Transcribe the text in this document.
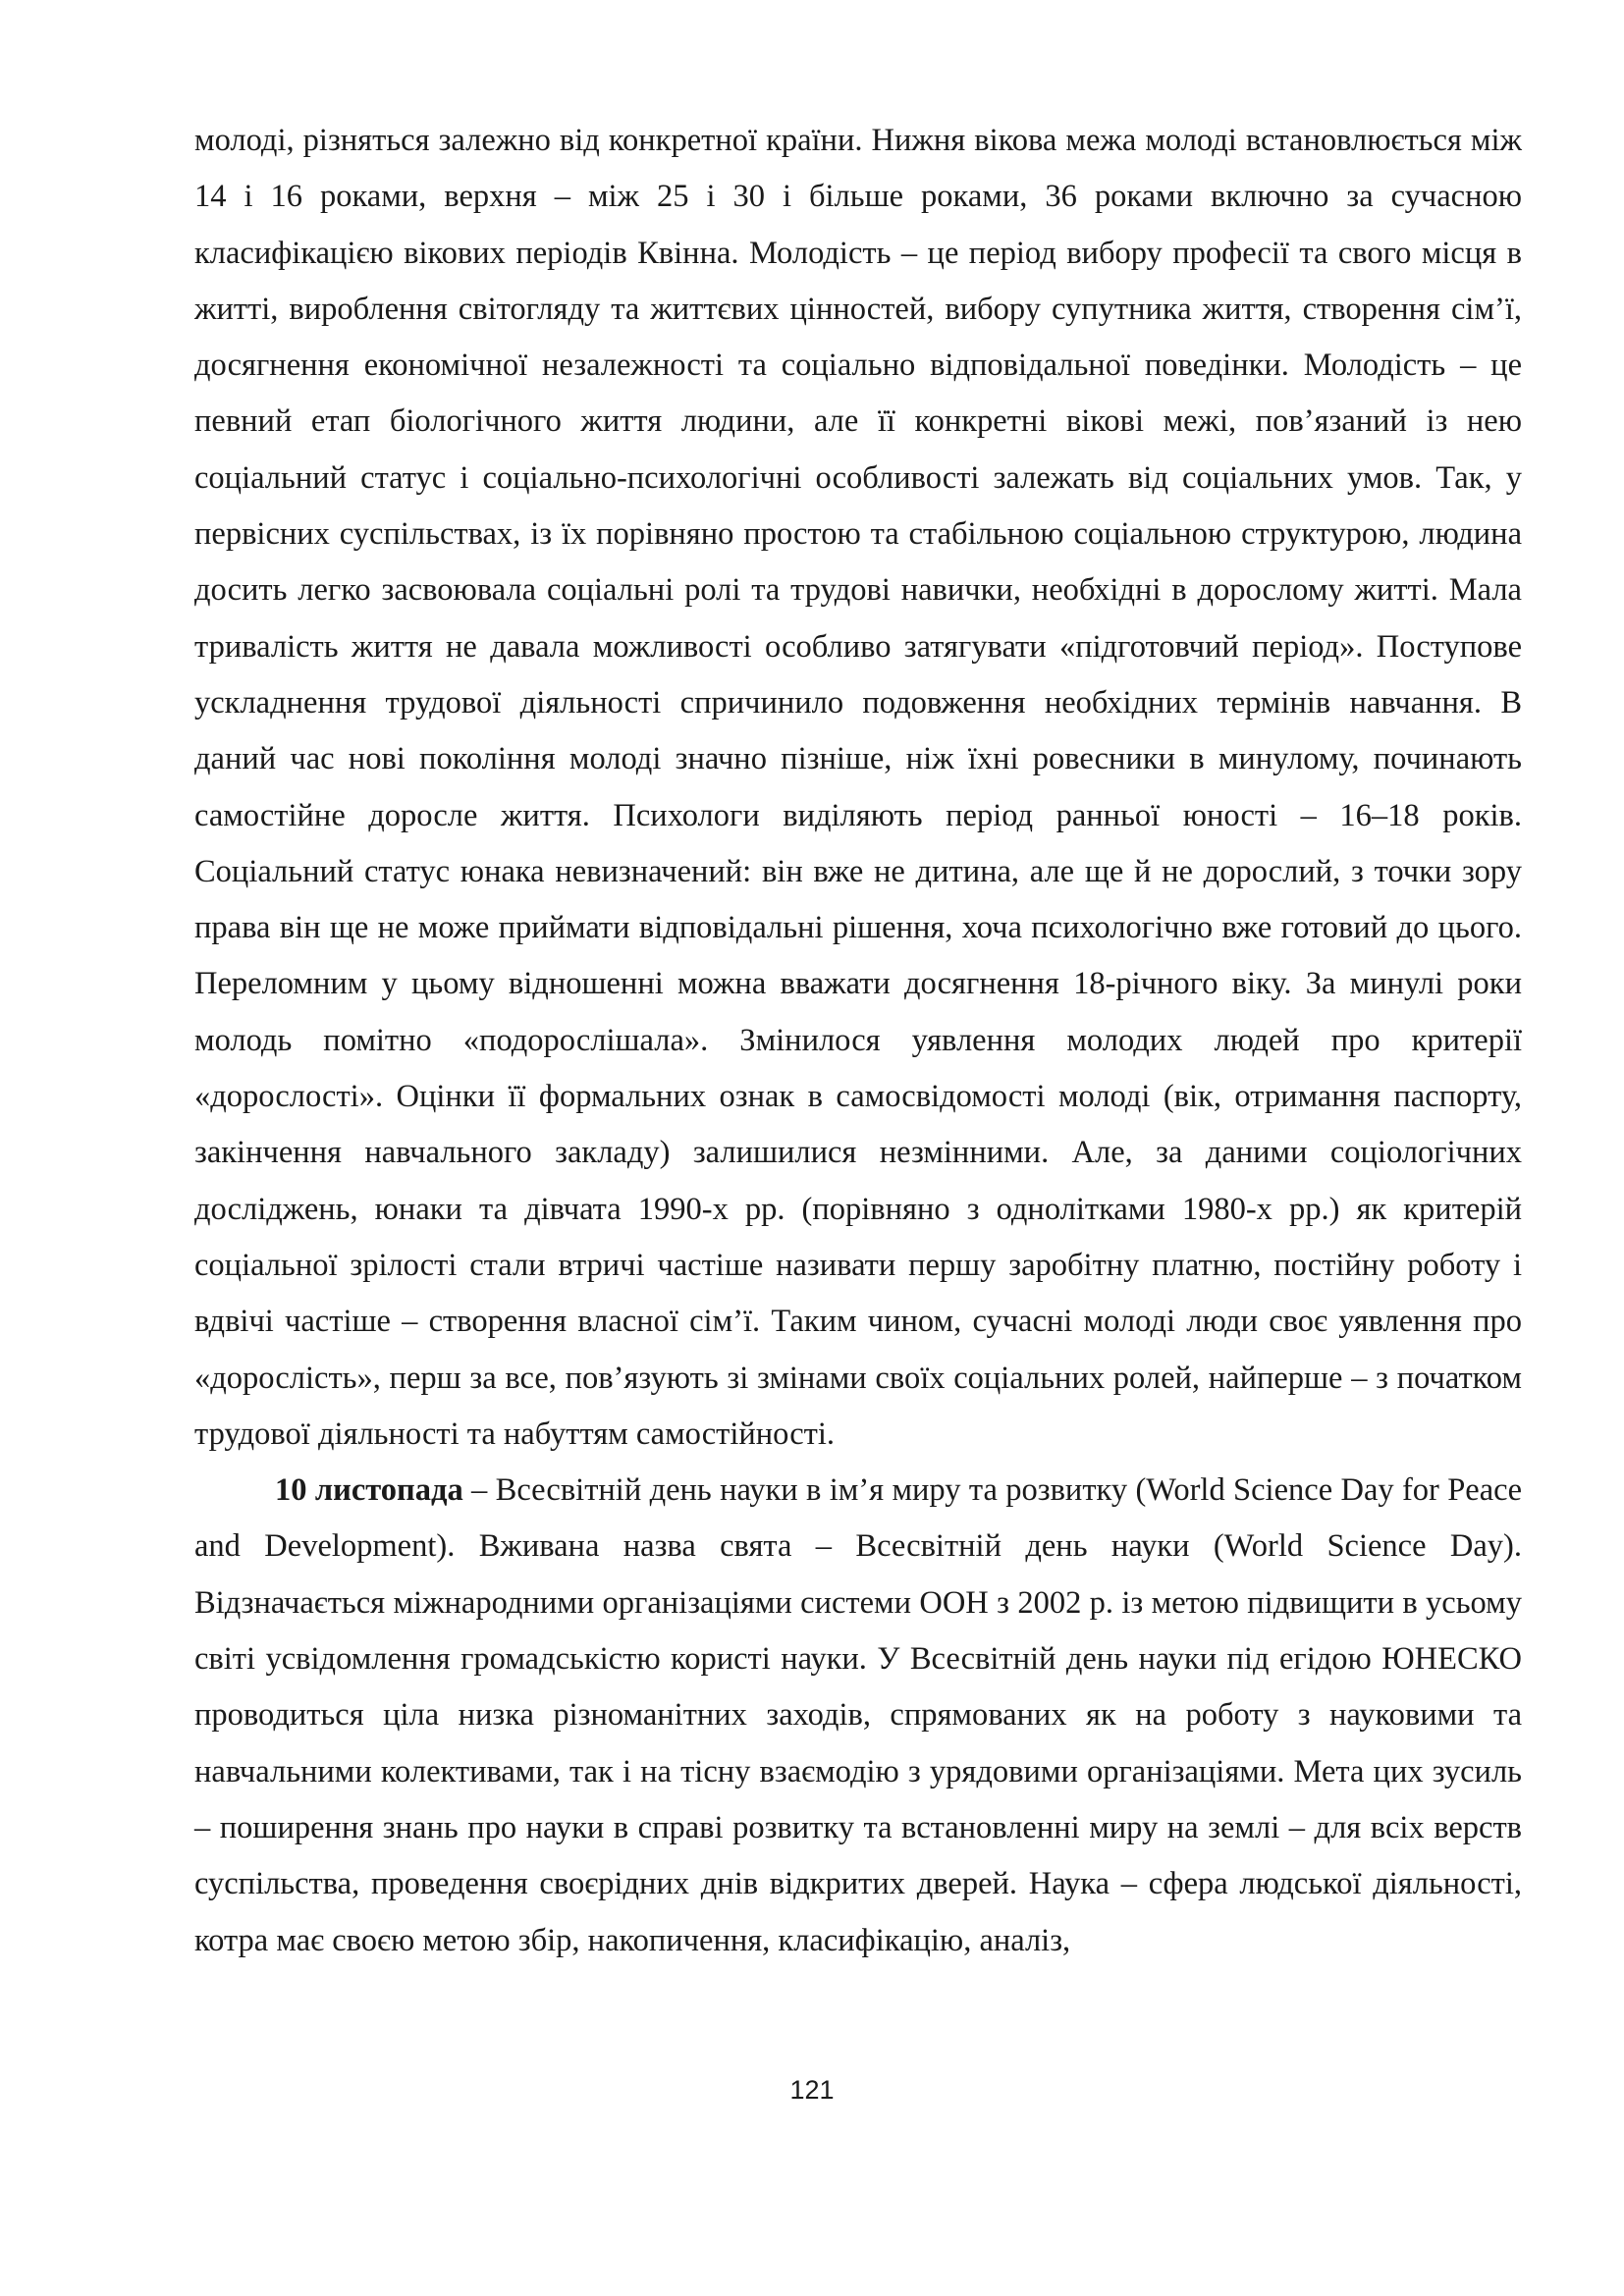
молоді, різняться залежно від конкретної країни. Нижня вікова межа молоді встановлюється між 14 і 16 роками, верхня – між 25 і 30 і більше роками, 36 роками включно за сучасною класифікацією вікових періодів Квінна. Молодість – це період вибору професії та свого місця в житті, вироблення світогляду та життєвих цінностей, вибору супутника життя, створення сім’ї, досягнення економічної незалежності та соціально відповідальної поведінки. Молодість – це певний етап біологічного життя людини, але її конкретні вікові межі, пов’язаний із нею соціальний статус і соціально-психологічні особливості залежать від соціальних умов. Так, у первісних суспільствах, із їх порівняно простою та стабільною соціальною структурою, людина досить легко засвоювала соціальні ролі та трудові навички, необхідні в дорослому житті. Мала тривалість життя не давала можливості особливо затягувати «підготовчий період». Поступове ускладнення трудової діяльності спричинило подовження необхідних термінів навчання. В даний час нові покоління молоді значно пізніше, ніж їхні ровесники в минулому, починають самостійне доросле життя. Психологи виділяють період ранньої юності – 16–18 років. Соціальний статус юнака невизначений: він вже не дитина, але ще й не дорослий, з точки зору права він ще не може приймати відповідальні рішення, хоча психологічно вже готовий до цього. Переломним у цьому відношенні можна вважати досягнення 18-річного віку. За минулі роки молодь помітно «подорослішала». Змінилося уявлення молодих людей про критерії «дорослості». Оцінки її формальних ознак в самосвідомості молоді (вік, отримання паспорту, закінчення навчального закладу) залишилися незмінними. Але, за даними соціологічних досліджень, юнаки та дівчата 1990-х рр. (порівняно з однолітками 1980-х рр.) як критерій соціальної зрілості стали втричі частіше називати першу заробітну платню, постійну роботу і вдвічі частіше – створення власної сім’ї. Таким чином, сучасні молоді люди своє уявлення про «дорослість», перш за все, пов’язують зі змінами своїх соціальних ролей, найперше – з початком трудової діяльності та набуттям самостійності.

10 листопада – Всесвітній день науки в ім’я миру та розвитку (World Science Day for Peace and Development). Вживана назва свята – Всесвітній день науки (World Science Day). Відзначається міжнародними організаціями системи ООН з 2002 р. із метою підвищити в усьому світі усвідомлення громадськістю користі науки. У Всесвітній день науки під егідою ЮНЕСКО проводиться ціла низка різноманітних заходів, спрямованих як на роботу з науковими та навчальними колективами, так і на тісну взаємодію з урядовими організаціями. Мета цих зусиль – поширення знань про науки в справі розвитку та встановленні миру на землі – для всіх верств суспільства, проведення своєрідних днів відкритих дверей. Наука – сфера людської діяльності, котра має своєю метою збір, накопичення, класифікацію, аналіз,

121
